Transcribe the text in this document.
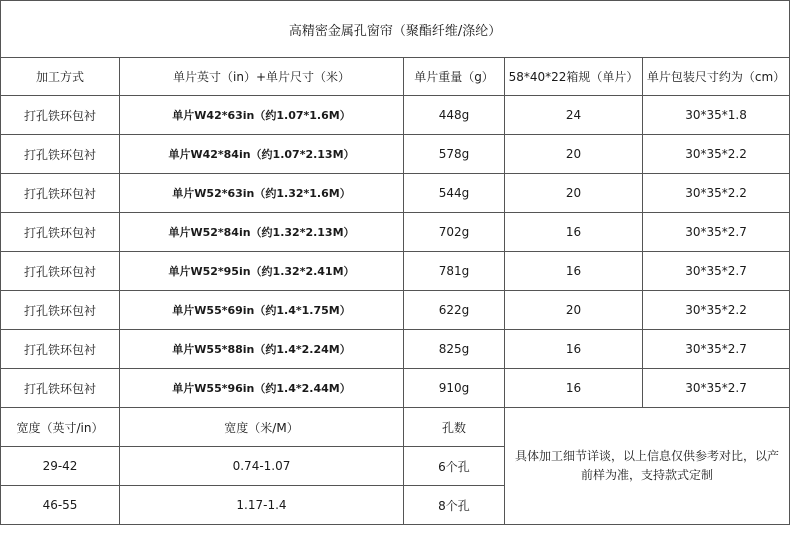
高精密金属孔窗帘（聚酯纤维/涤纶）				
加工方式	单片英寸（in）+单片尺寸（米）	单片重量（g）	58*40*22箱规（单片）	单片包装尺寸约为（cm）
打孔铁环包衬	单片W42*63in（约1.07*1.6M）	448g	24	30*35*1.8
打孔铁环包衬	单片W42*84in（约1.07*2.13M）	578g	20	30*35*2.2
打孔铁环包衬	单片W52*63in（约1.32*1.6M）	544g	20	30*35*2.2
打孔铁环包衬	单片W52*84in（约1.32*2.13M）	702g	16	30*35*2.7
打孔铁环包衬	单片W52*95in（约1.32*2.41M）	781g	16	30*35*2.7
打孔铁环包衬	单片W55*69in（约1.4*1.75M）	622g	20	30*35*2.2
打孔铁环包衬	单片W55*88in（约1.4*2.24M）	825g	16	30*35*2.7
打孔铁环包衬	单片W55*96in（约1.4*2.44M）	910g	16	30*35*2.7
宽度（英寸/in）	宽度（米/M）	孔数	具体加工细节详谈，以上信息仅供参考对比，以产前样为准，支持款式定制	
29-42	0.74-1.07	6个孔		
46-55	1.17-1.4	8个孔		
